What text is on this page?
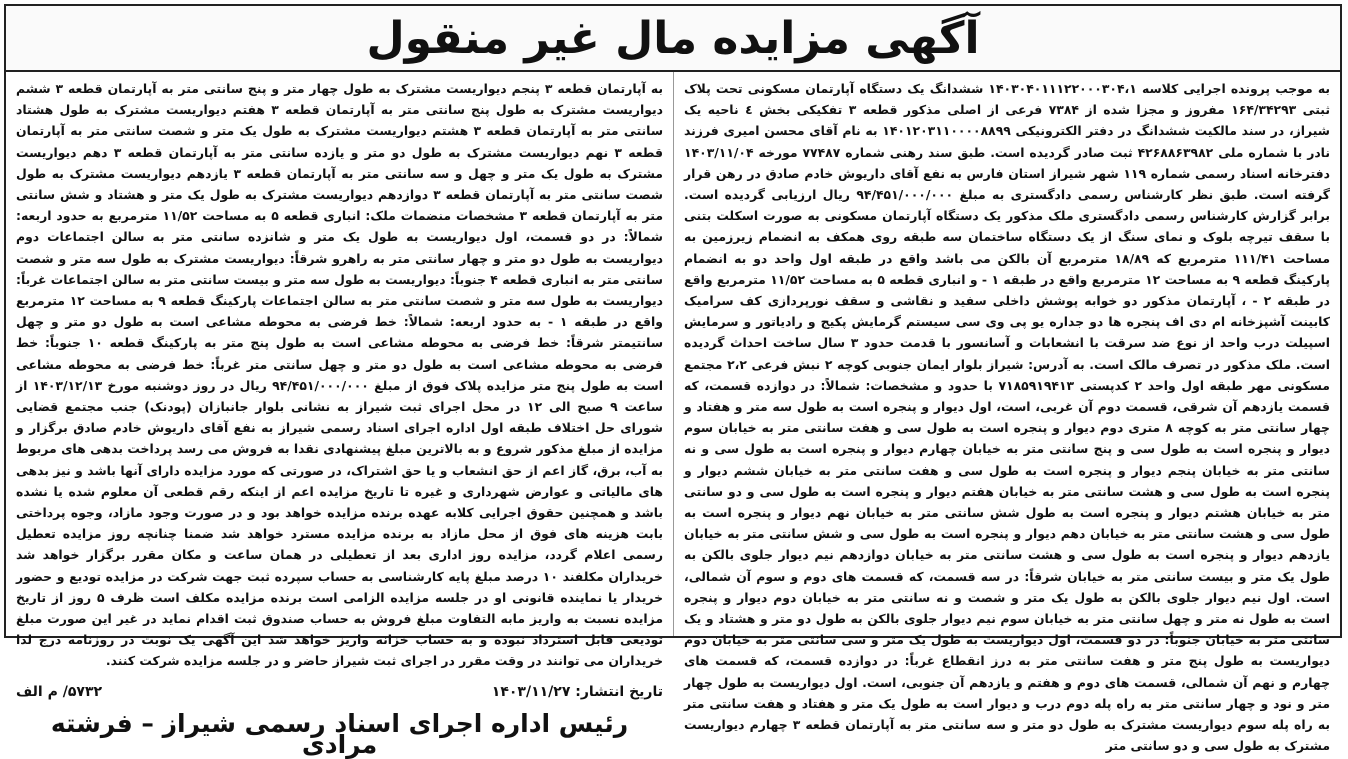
آگهی مزایده مال غیر منقول
به موجب پرونده اجرایی کلاسه ۱۴۰۳۰۴۰۱۱۱۲۲۰۰۰۳۰۴،۱ ششدانگ یک دستگاه آپارتمان مسکونی تحت پلاک ثبتی ۱۶۴/۳۴۲۹۳ مفروز و مجزا شده از ۷۳۸۴ فرعی از اصلی مذکور قطعه ۳ تفکیکی بخش ٤ ناحیه یک شیراز، در سند مالکیت ششدانگ در دفتر الکترونیکی ۱۴۰۱۲۰۳۱۱۰۰۰۰۸۸۹۹ به نام آقای محسن امیری فرزند نادر با شماره ملی ۴۲۶۸۸۶۳۹۸۲ ثبت صادر گردیده است. طبق سند رهنی شماره ۷۷۴۸۷ مورخه ۱۴۰۳/۱۱/۰۴ دفترخانه اسناد رسمی شماره ۱۱۹ شهر شیراز استان فارس به نفع آقای داریوش خادم صادق در رهن قرار گرفته است. طبق نظر کارشناس رسمی دادگستری به مبلغ ۹۴/۴۵۱/۰۰۰/۰۰۰ ریال ارزیابی گردیده است. برابر گزارش کارشناس رسمی دادگستری ملک مذکور یک دستگاه آپارتمان مسکونی به صورت اسکلت بتنی با سقف تیرچه بلوک و نمای سنگ از یک دستگاه ساختمان سه طبقه روی همکف به انضمام زیرزمین به مساحت ۱۱۱/۴۱ مترمربع که ۱۸/۸۹ مترمربع آن بالکن می باشد واقع در طبقه اول واحد دو به انضمام پارکینگ قطعه ۹ به مساحت ۱۲ مترمربع واقع در طبقه ۱ - و انباری قطعه ۵ به مساحت ۱۱/۵۲ مترمربع واقع در طبقه ۲ - ، آپارتمان مذکور دو خوابه پوشش داخلی سفید و نقاشی و سقف نورپردازی کف سرامیک کابینت آشپزخانه ام دی اف پنجره ها دو جداره یو پی وی سی سیستم گرمایش پکیج و رادیاتور و سرمایش اسپیلت درب واحد از نوع ضد سرقت با انشعابات و آسانسور با قدمت حدود ۳ سال ساخت احداث گردیده است. ملک مذکور در تصرف مالک است. به آدرس: شیراز بلوار ایمان جنوبی کوچه ۲ نبش فرعی ۲،۲ مجتمع مسکونی مهر طبقه اول واحد ۲ کدپستی ۷۱۸۵۹۱۹۴۱۳ با حدود و مشخصات: شمالاً: در دوازده قسمت، که قسمت یازدهم آن شرقی، قسمت دوم آن غربی، است، اول دیوار و پنجره است به طول سه متر و هفتاد و چهار سانتی متر به کوچه ۸ متری دوم دیوار و پنجره است به طول سی و هفت سانتی متر به خیابان سوم دیوار و پنجره است به طول سی و پنج سانتی متر به خیابان چهارم دیوار و پنجره است به طول سی و نه سانتی متر به خیابان پنجم دیوار و پنجره است به طول سی و هفت سانتی متر به خیابان ششم دیوار و پنجره است به طول سی و هشت سانتی متر به خیابان هفتم دیوار و پنجره است به طول سی و دو سانتی متر به خیابان هشتم دیوار و پنجره است به طول شش سانتی متر به خیابان نهم دیوار و پنجره است به طول سی و هشت سانتی متر به خیابان دهم دیوار و پنجره است به طول سی و شش سانتی متر به خیابان یازدهم دیوار و پنجره است به طول سی و هشت سانتی متر به خیابان دوازدهم نیم دیوار جلوی بالکن به طول یک متر و بیست سانتی متر به خیابان شرقاً: در سه قسمت، که قسمت های دوم و سوم آن شمالی، است. اول نیم دیوار جلوی بالکن به طول یک متر و شصت و نه سانتی متر به خیابان دوم دیوار و پنجره است به طول نه متر و چهل سانتی متر به خیابان سوم نیم دیوار جلوی بالکن به طول دو متر و هشتاد و یک سانتی متر به خیابان جنوباً: در دو قسمت، اول دیواریست به طول یک متر و سی سانتی متر به خیابان دوم دیواریست به طول پنج متر و هفت سانتی متر به درز انقطاع غرباً: در دوازده قسمت، که قسمت های چهارم و نهم آن شمالی، قسمت های دوم و هفتم و یازدهم آن جنوبی، است. اول دیواریست به طول چهار متر و نود و چهار سانتی متر به راه پله دوم درب و دیوار است به طول یک متر و هفتاد و هفت سانتی متر به راه پله سوم دیواریست مشترک به طول دو متر و سه سانتی متر به آپارتمان قطعه ۳ چهارم دیواریست مشترک به طول سی و دو سانتی متر
به آپارتمان قطعه ۳ پنجم دیواریست مشترک به طول چهار متر و پنج سانتی متر به آپارتمان قطعه ۳ ششم دیواریست مشترک به طول پنج سانتی متر به آپارتمان قطعه ۳ هفتم دیواریست مشترک به طول هشتاد سانتی متر به آپارتمان قطعه ۳ هشتم دیواریست مشترک به طول یک متر و شصت سانتی متر به آپارتمان قطعه ۳ نهم دیواریست مشترک به طول دو متر و یازده سانتی متر به آپارتمان قطعه ۳ دهم دیواریست مشترک به طول یک متر و چهل و سه سانتی متر به آپارتمان قطعه ۳ یازدهم دیواریست مشترک به طول شصت سانتی متر به آپارتمان قطعه ۳ دوازدهم دیواریست مشترک به طول یک متر و هشتاد و شش سانتی متر به آپارتمان قطعه ۳ مشخصات منضمات ملک: انباری قطعه ۵ به مساحت ۱۱/۵۲ مترمربع به حدود اربعه: شمالاً: در دو قسمت، اول دیواریست به طول یک متر و شانزده سانتی متر به سالن اجتماعات دوم دیواریست به طول دو متر و چهار سانتی متر به راهرو شرقاً: دیواریست مشترک به طول سه متر و شصت سانتی متر به انباری قطعه ۴ جنوباً: دیواریست به طول سه متر و بیست سانتی متر به سالن اجتماعات غرباً: دیواریست به طول سه متر و شصت سانتی متر به سالن اجتماعات پارکینگ قطعه ۹ به مساحت ۱۲ مترمربع واقع در طبقه ۱ - به حدود اربعه: شمالاً: خط فرضی به محوطه مشاعی است به طول دو متر و چهل سانتیمتر شرقاً: خط فرضی به محوطه مشاعی است به طول پنج متر به پارکینگ قطعه ۱۰ جنوباً: خط فرضی به محوطه مشاعی است به طول دو متر و چهل سانتی متر غرباً: خط فرضی به محوطه مشاعی است به طول پنج متر مزایده پلاک فوق از مبلغ ۹۴/۴۵۱/۰۰۰/۰۰۰ ریال در روز دوشنبه مورخ ۱۴۰۳/۱۲/۱۳ از ساعت ۹ صبح الی ۱۲ در محل اجرای ثبت شیراز به نشانی بلوار جانبازان (پودنک) جنب مجتمع قضایی شورای حل اختلاف طبقه اول اداره اجرای اسناد رسمی شیراز به نفع آقای داریوش خادم صادق برگزار و مزایده از مبلغ مذکور شروع و به بالاترین مبلغ پیشنهادی نقدا به فروش می رسد پرداخت بدهی های مربوط به آب، برق، گاز اعم از حق انشعاب و یا حق اشتراک، در صورتی که مورد مزایده دارای آنها باشد و نیز بدهی های مالیاتی و عوارض شهرداری و غیره تا تاریخ مزایده اعم از اینکه رقم قطعی آن معلوم شده یا نشده باشد و همچنین حقوق اجرایی کلابه عهده برنده مزایده خواهد بود و در صورت وجود مازاد، وجوه پرداختی بابت هزینه های فوق از محل مازاد به برنده مزایده مسترد خواهد شد ضمنا چنانچه روز مزایده تعطیل رسمی اعلام گردد، مزایده روز اداری بعد از تعطیلی در همان ساعت و مکان مقرر برگزار خواهد شد خریداران مکلفند ۱۰ درصد مبلغ پایه کارشناسی به حساب سپرده ثبت جهت شرکت در مزایده تودیع و حضور خریدار یا نماینده قانونی او در جلسه مزایده الزامی است برنده مزایده مکلف است ظرف ۵ روز از تاریخ مزایده نسبت به واریز مابه التفاوت مبلغ فروش به حساب صندوق ثبت اقدام نماید در غیر این صورت مبلغ تودیعی قابل استرداد نبوده و به حساب خزانه واریز خواهد شد این آگهی یک نوبت در روزنامه درج لذا خریداران می توانند در وقت مقرر در اجرای ثبت شیراز حاضر و در جلسه مزایده شرکت کنند.
تاریخ انتشار: ۱۴۰۳/۱۱/۲۷
۵۷۳۲/ م الف
رئیس اداره اجرای اسناد رسمی شیراز – فرشته مرادی
